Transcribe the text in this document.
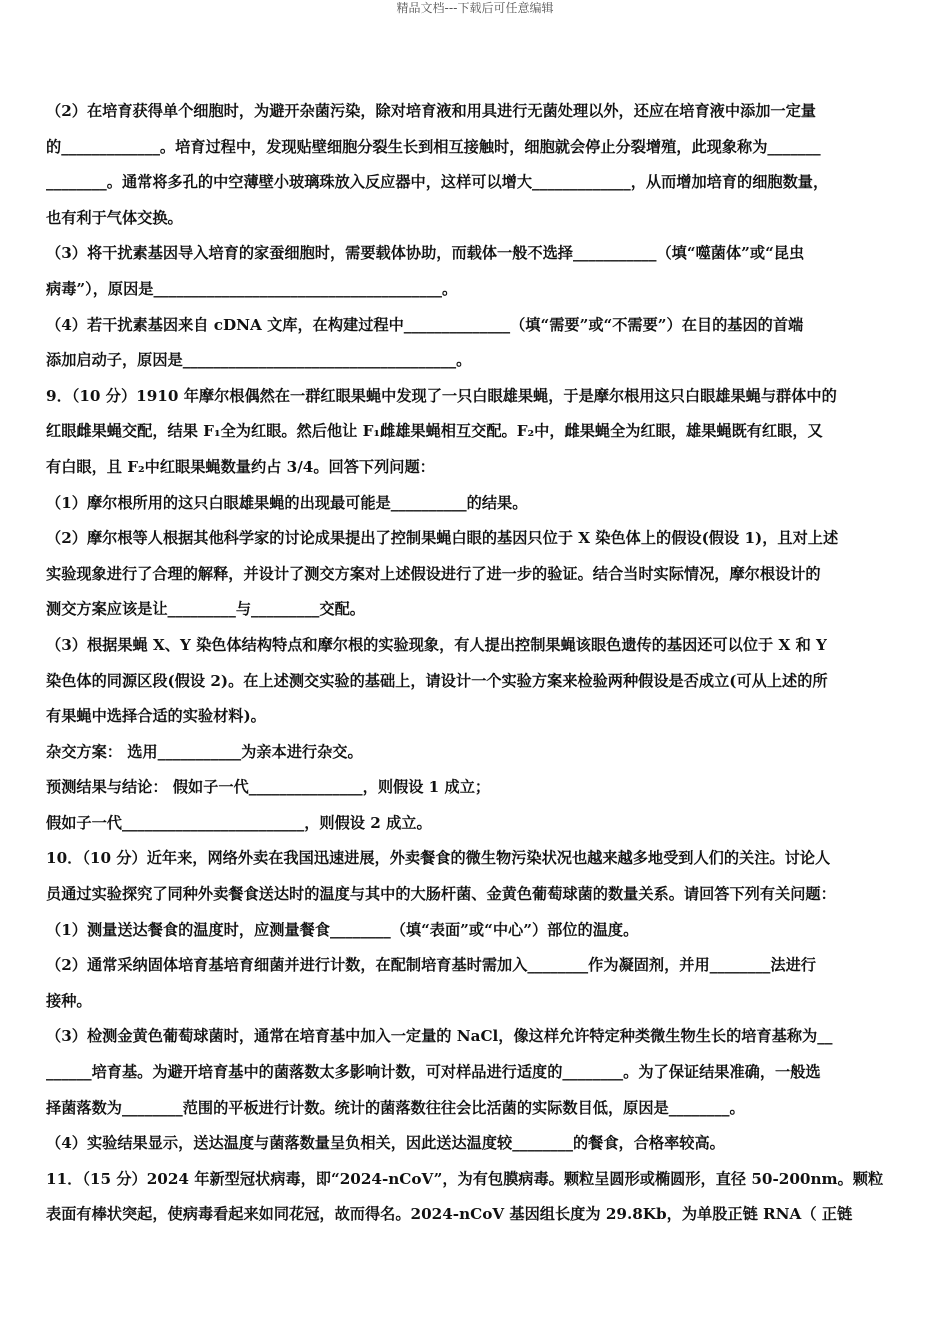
精品文档---下载后可任意编辑
（2）在培育获得单个细胞时，为避开杂菌污染，除对培育液和用具进行无菌处理以外，还应在培育液中添加一定量
的_____________。培育过程中，发现贴壁细胞分裂生长到相互接触时，细胞就会停止分裂增殖，此现象称为_______
________。通常将多孔的中空薄壁小玻璃珠放入反应器中，这样可以增大_____________，从而增加培育的细胞数量，
也有利于气体交换。
（3）将干扰素基因导入培育的家蚕细胞时，需要载体协助，而载体一般不选择___________（填“噬菌体”或“昆虫
病毒”），原因是______________________________________。
（4）若干扰素基因来自 cDNA 文库，在构建过程中______________（填“需要”或“不需要”）在目的基因的首端
添加启动子，原因是____________________________________。
9．（10 分）1910 年摩尔根偶然在一群红眼果蝇中发现了一只白眼雄果蝇，于是摩尔根用这只白眼雄果蝇与群体中的
红眼雌果蝇交配，结果 F₁全为红眼。然后他让 F₁雌雄果蝇相互交配。F₂中，雌果蝇全为红眼，雄果蝇既有红眼，又
有白眼，且 F₂中红眼果蝇数量约占 3/4。回答下列问题：
（1）摩尔根所用的这只白眼雄果蝇的出现最可能是__________的结果。
（2）摩尔根等人根据其他科学家的讨论成果提出了控制果蝇白眼的基因只位于 X 染色体上的假设(假设 1)，且对上述
实验现象进行了合理的解释，并设计了测交方案对上述假设进行了进一步的验证。结合当时实际情况，摩尔根设计的
测交方案应该是让_________与_________交配。
（3）根据果蝇 X、Y 染色体结构特点和摩尔根的实验现象，有人提出控制果蝇该眼色遗传的基因还可以位于 X 和 Y
染色体的同源区段(假设 2)。在上述测交实验的基础上，请设计一个实验方案来检验两种假设是否成立(可从上述的所
有果蝇中选择合适的实验材料)。
杂交方案： 选用___________为亲本进行杂交。
预测结果与结论： 假如子一代_______________，则假设 1 成立；
假如子一代________________________，则假设 2 成立。
10．（10 分）近年来，网络外卖在我国迅速进展，外卖餐食的微生物污染状况也越来越多地受到人们的关注。讨论人
员通过实验探究了同种外卖餐食送达时的温度与其中的大肠杆菌、金黄色葡萄球菌的数量关系。请回答下列有关问题：
（1）测量送达餐食的温度时，应测量餐食________（填“表面”或“中心”）部位的温度。
（2）通常采纳固体培育基培育细菌并进行计数，在配制培育基时需加入________作为凝固剂，并用________法进行
接种。
（3）检测金黄色葡萄球菌时，通常在培育基中加入一定量的 NaCl，像这样允许特定种类微生物生长的培育基称为__
______培育基。为避开培育基中的菌落数太多影响计数，可对样品进行适度的________。为了保证结果准确，一般选
择菌落数为________范围的平板进行计数。统计的菌落数往往会比活菌的实际数目低，原因是________。
（4）实验结果显示，送达温度与菌落数量呈负相关，因此送达温度较________的餐食，合格率较高。
11．（15 分）2024 年新型冠状病毒，即“2024-nCoV”，为有包膜病毒。颗粒呈圆形或椭圆形，直径 50-200nm。颗粒
表面有棒状突起，使病毒看起来如同花冠，故而得名。2024-nCoV 基因组长度为 29.8Kb，为单股正链 RNA（ 正链
